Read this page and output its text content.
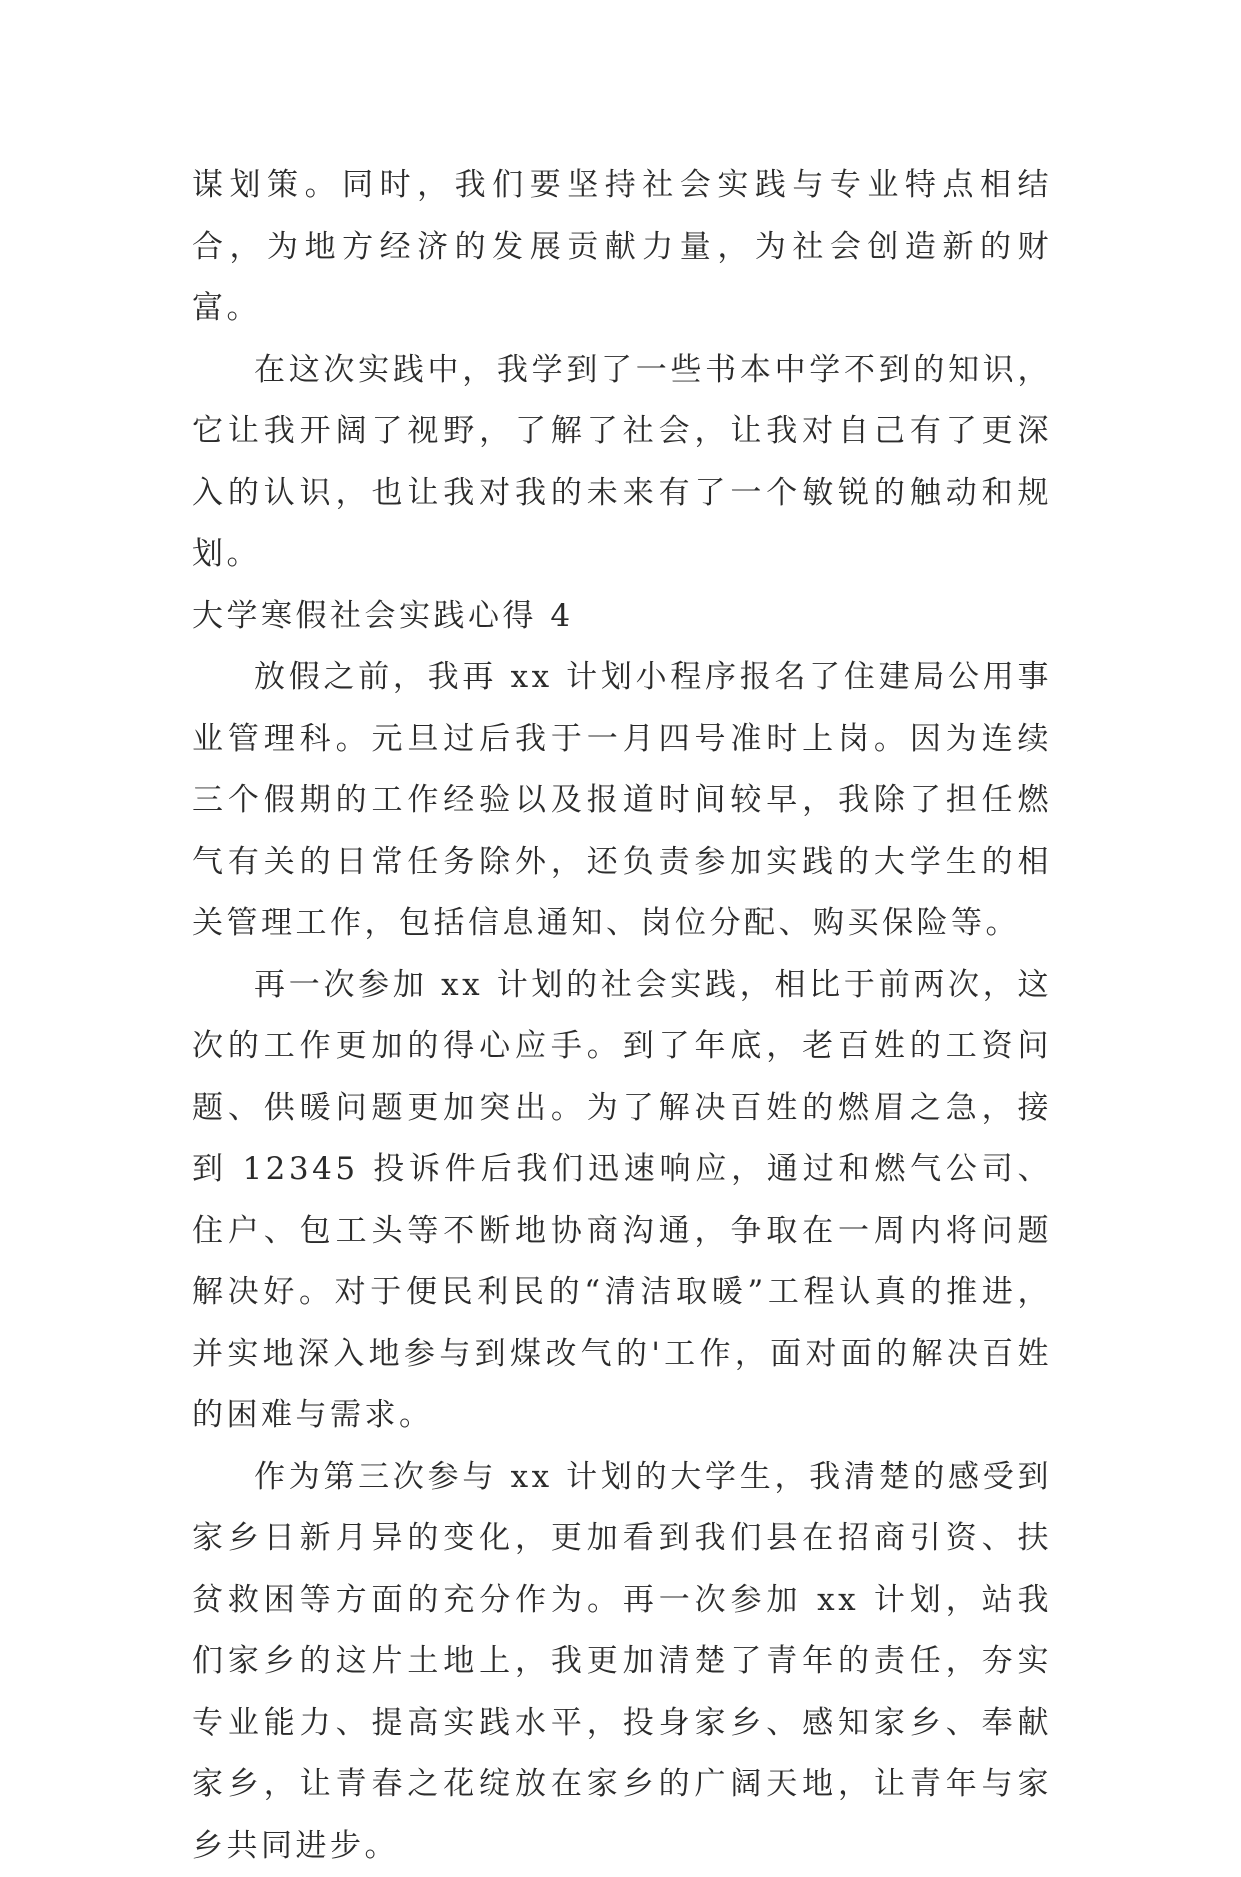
谋划策。同时，我们要坚持社会实践与专业特点相结合，为地方经济的发展贡献力量，为社会创造新的财富。

在这次实践中，我学到了一些书本中学不到的知识，它让我开阔了视野，了解了社会，让我对自己有了更深入的认识，也让我对我的未来有了一个敏锐的触动和规划。

大学寒假社会实践心得 4

放假之前，我再 xx 计划小程序报名了住建局公用事业管理科。元旦过后我于一月四号准时上岗。因为连续三个假期的工作经验以及报道时间较早，我除了担任燃气有关的日常任务除外，还负责参加实践的大学生的相关管理工作，包括信息通知、岗位分配、购买保险等。

再一次参加 xx 计划的社会实践，相比于前两次，这次的工作更加的得心应手。到了年底，老百姓的工资问题、供暖问题更加突出。为了解决百姓的燃眉之急，接到 12345 投诉件后我们迅速响应，通过和燃气公司、住户、包工头等不断地协商沟通，争取在一周内将问题解决好。对于便民利民的“清洁取暖”工程认真的推进，并实地深入地参与到煤改气的'工作，面对面的解决百姓的困难与需求。

作为第三次参与 xx 计划的大学生，我清楚的感受到家乡日新月异的变化，更加看到我们县在招商引资、扶贫救困等方面的充分作为。再一次参加 xx 计划，站我们家乡的这片土地上，我更加清楚了青年的责任，夯实专业能力、提高实践水平，投身家乡、感知家乡、奉献家乡，让青春之花绽放在家乡的广阔天地，让青年与家乡共同进步。
